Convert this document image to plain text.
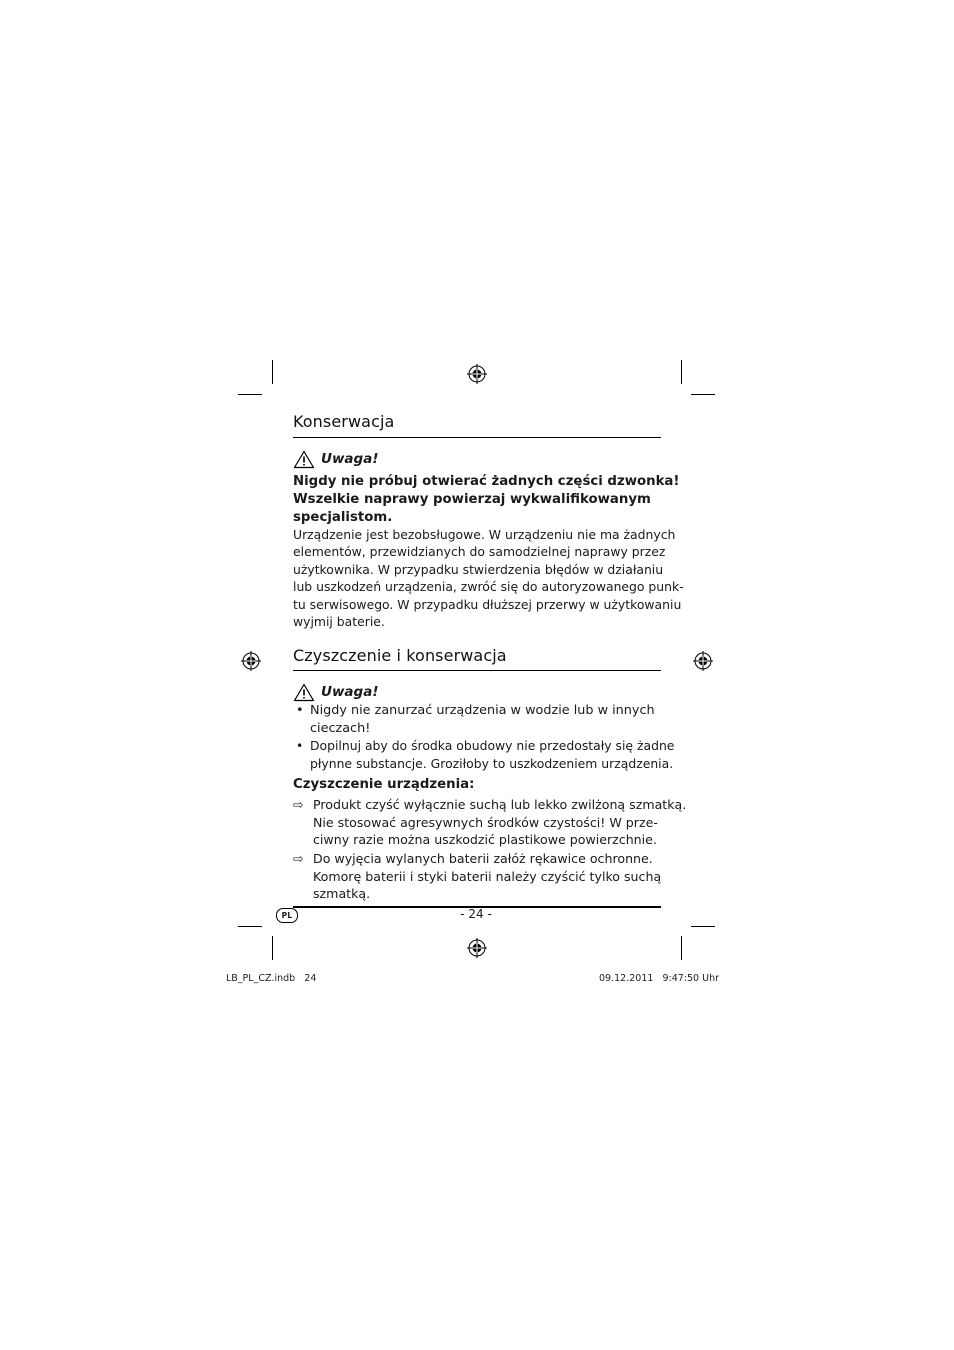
Konserwacja
Uwaga!
Nigdy nie próbuj otwierać żadnych części dzwonka!
Wszelkie naprawy powierzaj wykwalifikowanym
specjalistom.
Urządzenie jest bezobsługowe. W urządzeniu nie ma żadnych
elementów, przewidzianych do samodzielnej naprawy przez
użytkownika. W przypadku stwierdzenia błędów w działaniu
lub uszkodzeń urządzenia, zwróć się do autoryzowanego punk-
tu serwisowego. W przypadku dłuższej przerwy w użytkowaniu
wyjmij baterie.
Czyszczenie i konserwacja
Uwaga!
• Nigdy nie zanurzać urządzenia w wodzie lub w innych
cieczach!
• Dopilnuj aby do środka obudowy nie przedostały się żadne
płynne substancje. Groziłoby to uszkodzeniem urządzenia.
Czyszczenie urządzenia:
⇨ Produkt czyść wyłącznie suchą lub lekko zwilżoną szmatką.
Nie stosować agresywnych środków czystości! W prze-
ciwny razie można uszkodzić plastikowe powierzchnie.
⇨ Do wyjęcia wylanych baterii załóż rękawice ochronne.
Komorę baterii i styki baterii należy czyścić tylko suchą
szmatką.
PL	- 24 -
LB_PL_CZ.indb   24	09.12.2011   9:47:50 Uhr
